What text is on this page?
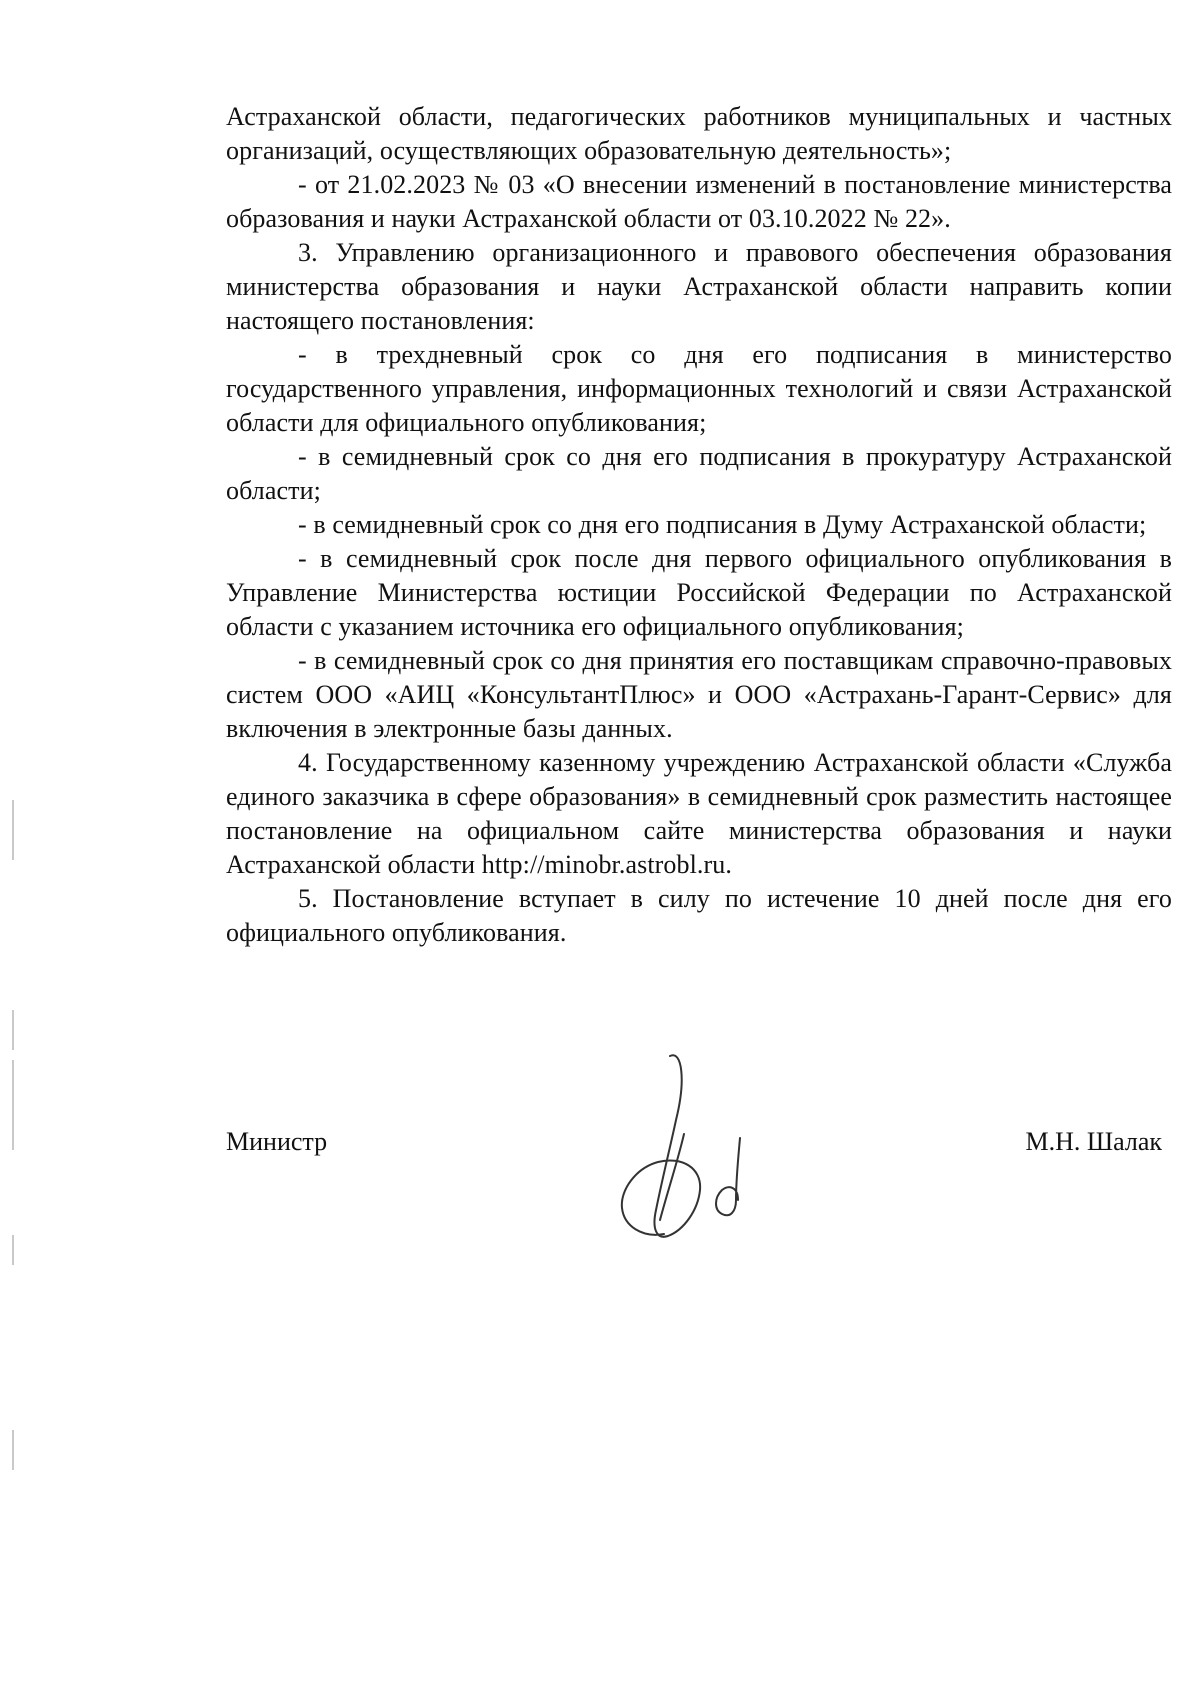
Астраханской области, педагогических работников муниципальных и частных организаций, осуществляющих образовательную деятельность»;

- от 21.02.2023 № 03 «О внесении изменений в постановление министерства образования и науки Астраханской области от 03.10.2022 № 22».

3. Управлению организационного и правового обеспечения образования министерства образования и науки Астраханской области направить копии настоящего постановления:

- в трехдневный срок со дня его подписания в министерство государственного управления, информационных технологий и связи Астраханской области для официального опубликования;

- в семидневный срок со дня его подписания в прокуратуру Астраханской области;

- в семидневный срок со дня его подписания в Думу Астраханской области;

- в семидневный срок после дня первого официального опубликования в Управление Министерства юстиции Российской Федерации по Астраханской области с указанием источника его официального опубликования;

- в семидневный срок со дня принятия его поставщикам справочно-правовых систем ООО «АИЦ «КонсультантПлюс» и ООО «Астрахань-Гарант-Сервис» для включения в электронные базы данных.

4. Государственному казенному учреждению Астраханской области «Служба единого заказчика в сфере образования» в семидневный срок разместить настоящее постановление на официальном сайте министерства образования и науки Астраханской области http://minobr.astrobl.ru.

5. Постановление вступает в силу по истечение 10 дней после дня его официального опубликования.

Министр	М.Н. Шалак
